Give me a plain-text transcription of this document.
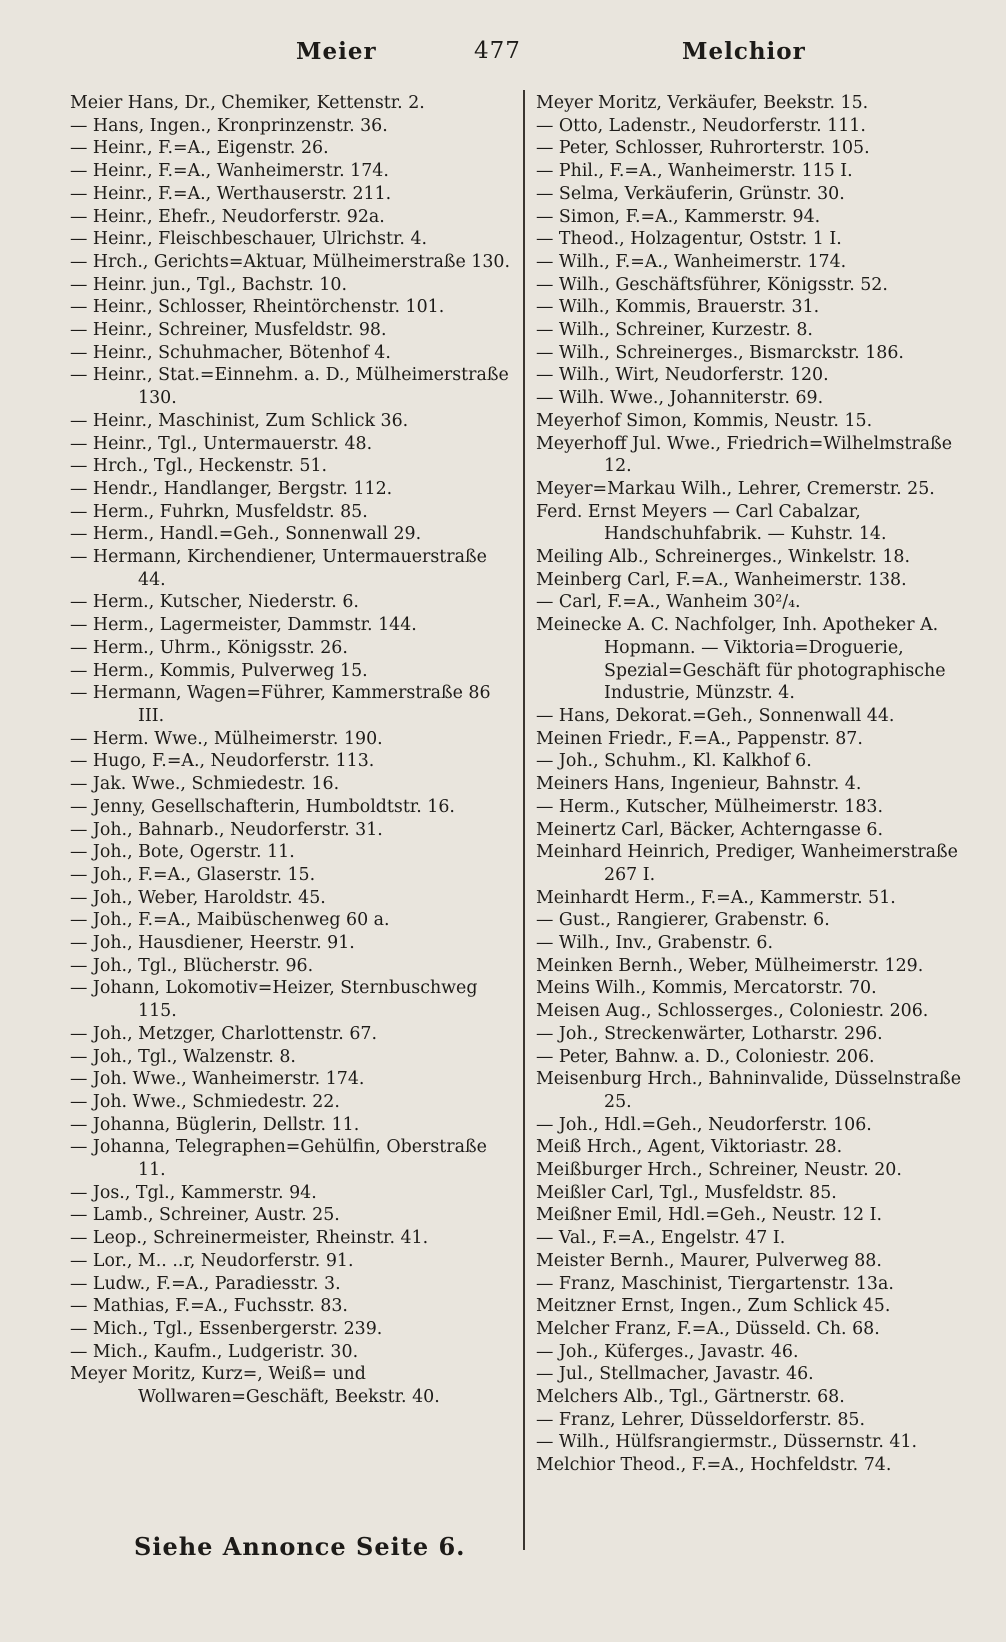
Meier	477	Melchior
Meier Hans, Dr., Chemiker, Kettenstr. 2.
— Hans, Ingen., Kronprinzenstr. 36.
— Heinr., F.=A., Eigenstr. 26.
— Heinr., F.=A., Wanheimerstr. 174.
— Heinr., F.=A., Werthauserstr. 211.
— Heinr., Ehefr., Neudorferstr. 92a.
— Heinr., Fleischbeschauer, Ulrichstr. 4.
— Hrch., Gerichts=Aktuar, Mülheimerstraße 130.
— Heinr. jun., Tgl., Bachstr. 10.
— Heinr., Schlosser, Rheintörchenstr. 101.
— Heinr., Schreiner, Musfeldstr. 98.
— Heinr., Schuhmacher, Bötenhof 4.
— Heinr., Stat.=Einnehm. a. D., Mülheimerstraße 130.
— Heinr., Maschinist, Zum Schlick 36.
— Heinr., Tgl., Untermauerstr. 48.
— Hrch., Tgl., Heckenstr. 51.
— Hendr., Handlanger, Bergstr. 112.
— Herm., Fuhrkn, Musfeldstr. 85.
— Herm., Handl.=Geh., Sonnenwall 29.
— Hermann, Kirchendiener, Untermauerstraße 44.
— Herm., Kutscher, Niederstr. 6.
— Herm., Lagermeister, Dammstr. 144.
— Herm., Uhrm., Königsstr. 26.
— Herm., Kommis, Pulverweg 15.
— Hermann, Wagen=Führer, Kammerstraße 86 III.
— Herm. Wwe., Mülheimerstr. 190.
— Hugo, F.=A., Neudorferstr. 113.
— Jak. Wwe., Schmiedestr. 16.
— Jenny, Gesellschafterin, Humboldtstr. 16.
— Joh., Bahnarb., Neudorferstr. 31.
— Joh., Bote, Ogerstr. 11.
— Joh., F.=A., Glaserstr. 15.
— Joh., Weber, Haroldstr. 45.
— Joh., F.=A., Maibüschenweg 60 a.
— Joh., Hausdiener, Heerstr. 91.
— Joh., Tgl., Blücherstr. 96.
— Johann, Lokomotiv=Heizer, Sternbuschweg 115.
— Joh., Metzger, Charlottenstr. 67.
— Joh., Tgl., Walzenstr. 8.
— Joh. Wwe., Wanheimerstr. 174.
— Joh. Wwe., Schmiedestr. 22.
— Johanna, Büglerin, Dellstr. 11.
— Johanna, Telegraphen=Gehülfin, Oberstraße 11.
— Jos., Tgl., Kammerstr. 94.
— Lamb., Schreiner, Austr. 25.
— Leop., Schreinermeister, Rheinstr. 41.
— Lor., M.. ..r, Neudorferstr. 91.
— Ludw., F.=A., Paradiesstr. 3.
— Mathias, F.=A., Fuchsstr. 83.
— Mich., Tgl., Essenbergerstr. 239.
— Mich., Kaufm., Ludgeristr. 30.
Meyer Moritz, Kurz=, Weiß= und Wollwaren=Geschäft, Beekstr. 40.
Meyer Moritz, Verkäufer, Beekstr. 15.
— Otto, Ladenstr., Neudorferstr. 111.
— Peter, Schlosser, Ruhrorterstr. 105.
— Phil., F.=A., Wanheimerstr. 115 I.
— Selma, Verkäuferin, Grünstr. 30.
— Simon, F.=A., Kammerstr. 94.
— Theod., Holzagentur, Oststr. 1 I.
— Wilh., F.=A., Wanheimerstr. 174.
— Wilh., Geschäftsführer, Königsstr. 52.
— Wilh., Kommis, Brauerstr. 31.
— Wilh., Schreiner, Kurzestr. 8.
— Wilh., Schreinerges., Bismarckstr. 186.
— Wilh., Wirt, Neudorferstr. 120.
— Wilh. Wwe., Johanniterstr. 69.
Meyerhof Simon, Kommis, Neustr. 15.
Meyerhoff Jul. Wwe., Friedrich=Wilhelmstraße 12.
Meyer=Markau Wilh., Lehrer, Cremerstr. 25.
Ferd. Ernst Meyers — Carl Cabalzar, Handschuhfabrik. — Kuhstr. 14.
Meiling Alb., Schreinerges., Winkelstr. 18.
Meinberg Carl, F.=A., Wanheimerstr. 138.
— Carl, F.=A., Wanheim 30²/₄.
Meinecke A. C. Nachfolger, Inh. Apotheker A. Hopmann. — Viktoria=Droguerie, Spezial=Geschäft für photographische Industrie, Münzstr. 4.
— Hans, Dekorat.=Geh., Sonnenwall 44.
Meinen Friedr., F.=A., Pappenstr. 87.
— Joh., Schuhm., Kl. Kalkhof 6.
Meiners Hans, Ingenieur, Bahnstr. 4.
— Herm., Kutscher, Mülheimerstr. 183.
Meinertz Carl, Bäcker, Achterngasse 6.
Meinhard Heinrich, Prediger, Wanheimerstraße 267 I.
Meinhardt Herm., F.=A., Kammerstr. 51.
— Gust., Rangierer, Grabenstr. 6.
— Wilh., Inv., Grabenstr. 6.
Meinken Bernh., Weber, Mülheimerstr. 129.
Meins Wilh., Kommis, Mercatorstr. 70.
Meisen Aug., Schlosserges., Coloniestr. 206.
— Joh., Streckenwärter, Lotharstr. 296.
— Peter, Bahnw. a. D., Coloniestr. 206.
Meisenburg Hrch., Bahninvalide, Düsselnstraße 25.
— Joh., Hdl.=Geh., Neudorferstr. 106.
Meiß Hrch., Agent, Viktoriastr. 28.
Meißburger Hrch., Schreiner, Neustr. 20.
Meißler Carl, Tgl., Musfeldstr. 85.
Meißner Emil, Hdl.=Geh., Neustr. 12 I.
— Val., F.=A., Engelstr. 47 I.
Meister Bernh., Maurer, Pulverweg 88.
— Franz, Maschinist, Tiergartenstr. 13a.
Meitzner Ernst, Ingen., Zum Schlick 45.
Melcher Franz, F.=A., Düsseld. Ch. 68.
— Joh., Küferges., Javastr. 46.
— Jul., Stellmacher, Javastr. 46.
Melchers Alb., Tgl., Gärtnerstr. 68.
— Franz, Lehrer, Düsseldorferstr. 85.
— Wilh., Hülfsrangiermstr., Düssernstr. 41.
Melchior Theod., F.=A., Hochfeldstr. 74.
Siehe Annonce Seite 6.
